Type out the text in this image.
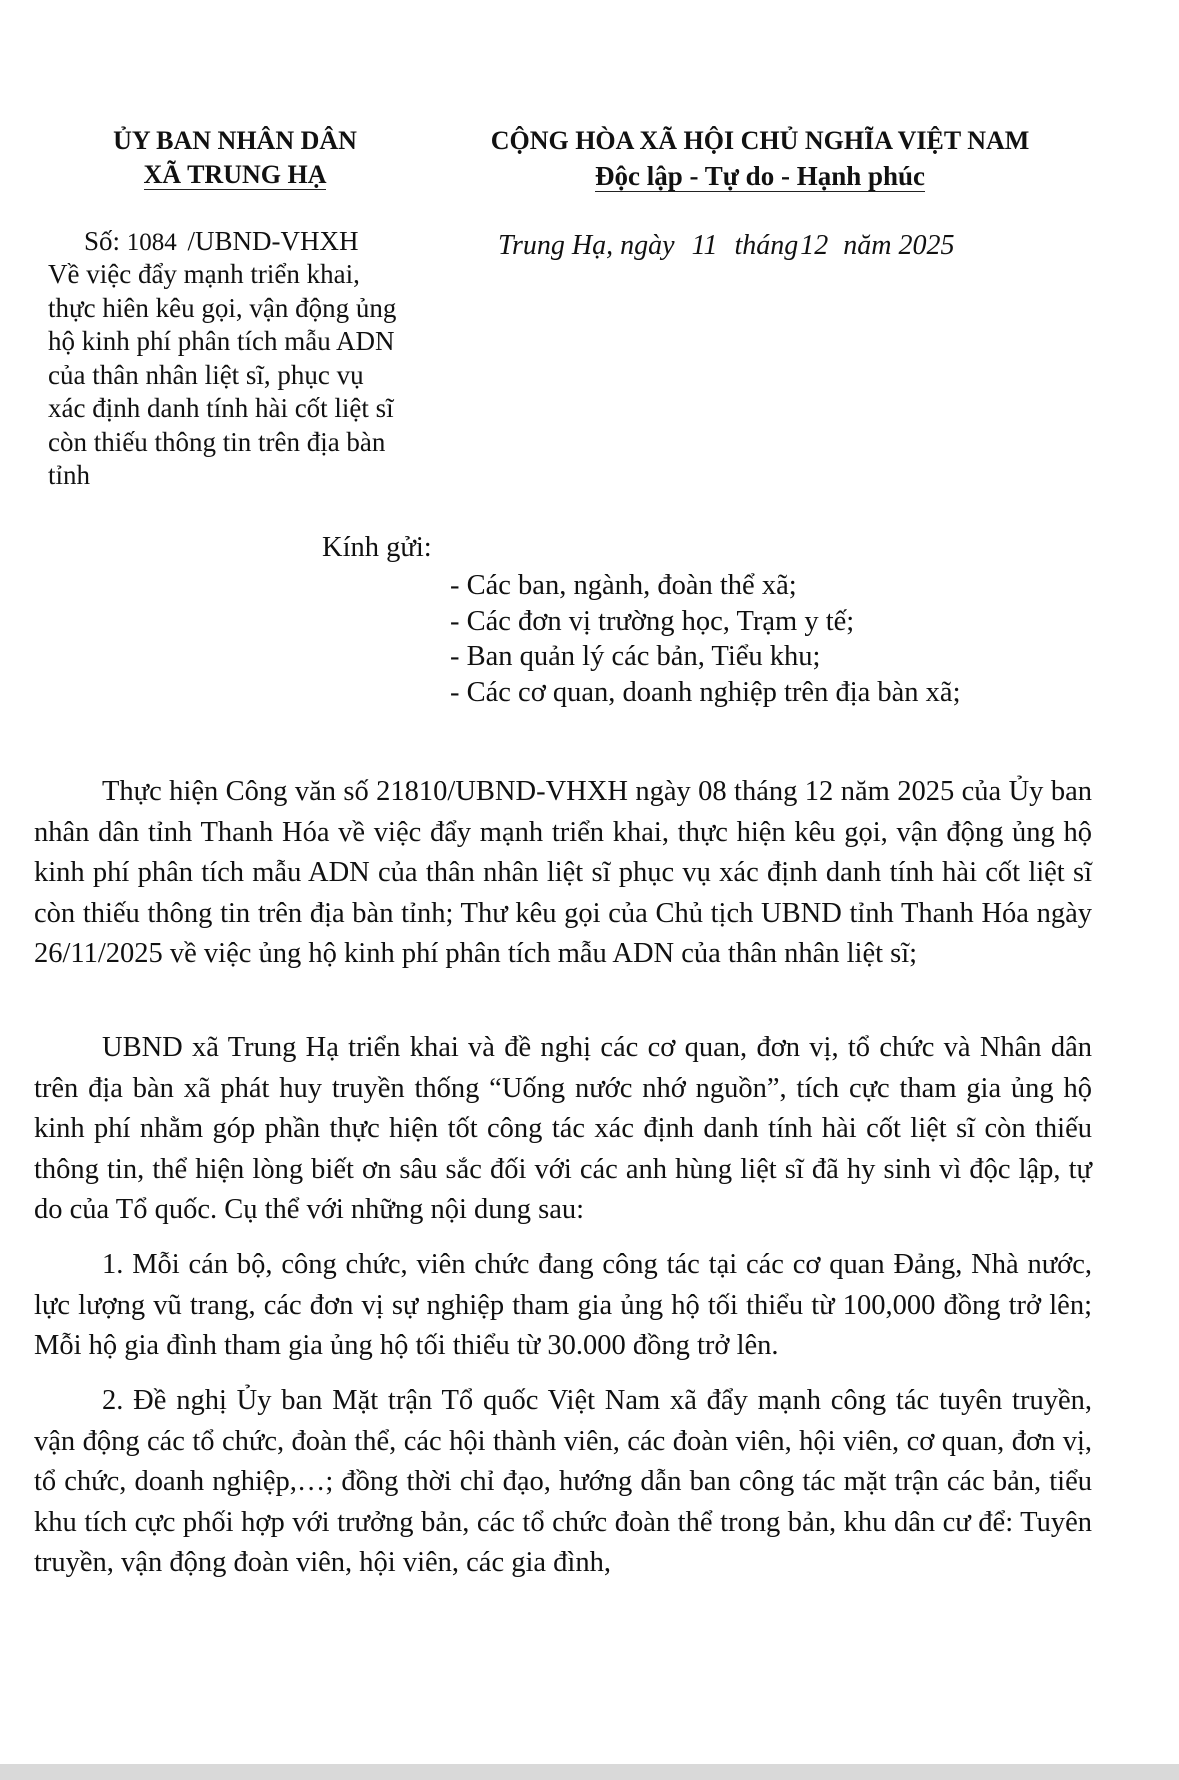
ỦY BAN NHÂN DÂN
XÃ TRUNG HẠ
CỘNG HÒA XÃ HỘI CHỦ NGHĨA VIỆT NAM
Độc lập - Tự do - Hạnh phúc
Số: 1084 /UBND-VHXH	Trung Hạ, ngày 11 tháng12 năm 2025
Về việc đẩy mạnh triển khai,
thực hiên kêu gọi, vận động ủng
hộ kinh phí phân tích mẫu ADN
của thân nhân liệt sĩ, phục vụ
xác định danh tính hài cốt liệt sĩ
còn thiếu thông tin trên địa bàn
tỉnh
Kính gửi:
- Các ban, ngành, đoàn thể xã;
- Các đơn vị trường học, Trạm y tế;
- Ban quản lý các bản, Tiểu khu;
- Các cơ quan, doanh nghiệp trên địa bàn xã;
Thực hiện Công văn số 21810/UBND-VHXH ngày 08 tháng 12 năm 2025 của Ủy ban nhân dân tỉnh Thanh Hóa về việc đẩy mạnh triển khai, thực hiện kêu gọi, vận động ủng hộ kinh phí phân tích mẫu ADN của thân nhân liệt sĩ phục vụ xác định danh tính hài cốt liệt sĩ còn thiếu thông tin trên địa bàn tỉnh; Thư kêu gọi của Chủ tịch UBND tỉnh Thanh Hóa ngày 26/11/2025 về việc ủng hộ kinh phí phân tích mẫu ADN của thân nhân liệt sĩ;
UBND xã Trung Hạ triển khai và đề nghị các cơ quan, đơn vị, tổ chức và Nhân dân trên địa bàn xã phát huy truyền thống “Uống nước nhớ nguồn”, tích cực tham gia ủng hộ kinh phí nhằm góp phần thực hiện tốt công tác xác định danh tính hài cốt liệt sĩ còn thiếu thông tin, thể hiện lòng biết ơn sâu sắc đối với các anh hùng liệt sĩ đã hy sinh vì độc lập, tự do của Tổ quốc. Cụ thể với những nội dung sau:
1. Mỗi cán bộ, công chức, viên chức đang công tác tại các cơ quan Đảng, Nhà nước, lực lượng vũ trang, các đơn vị sự nghiệp tham gia ủng hộ tối thiểu từ 100,000 đồng trở lên; Mỗi hộ gia đình tham gia ủng hộ tối thiểu từ 30.000 đồng trở lên.
2. Đề nghị Ủy ban Mặt trận Tổ quốc Việt Nam xã đẩy mạnh công tác tuyên truyền, vận động các tổ chức, đoàn thể, các hội thành viên, các đoàn viên, hội viên, cơ quan, đơn vị, tổ chức, doanh nghiệp,…; đồng thời chỉ đạo, hướng dẫn ban công tác mặt trận các bản, tiểu khu tích cực phối hợp với trưởng bản, các tổ chức đoàn thể trong bản, khu dân cư để: Tuyên truyền, vận động đoàn viên, hội viên, các gia đình,
